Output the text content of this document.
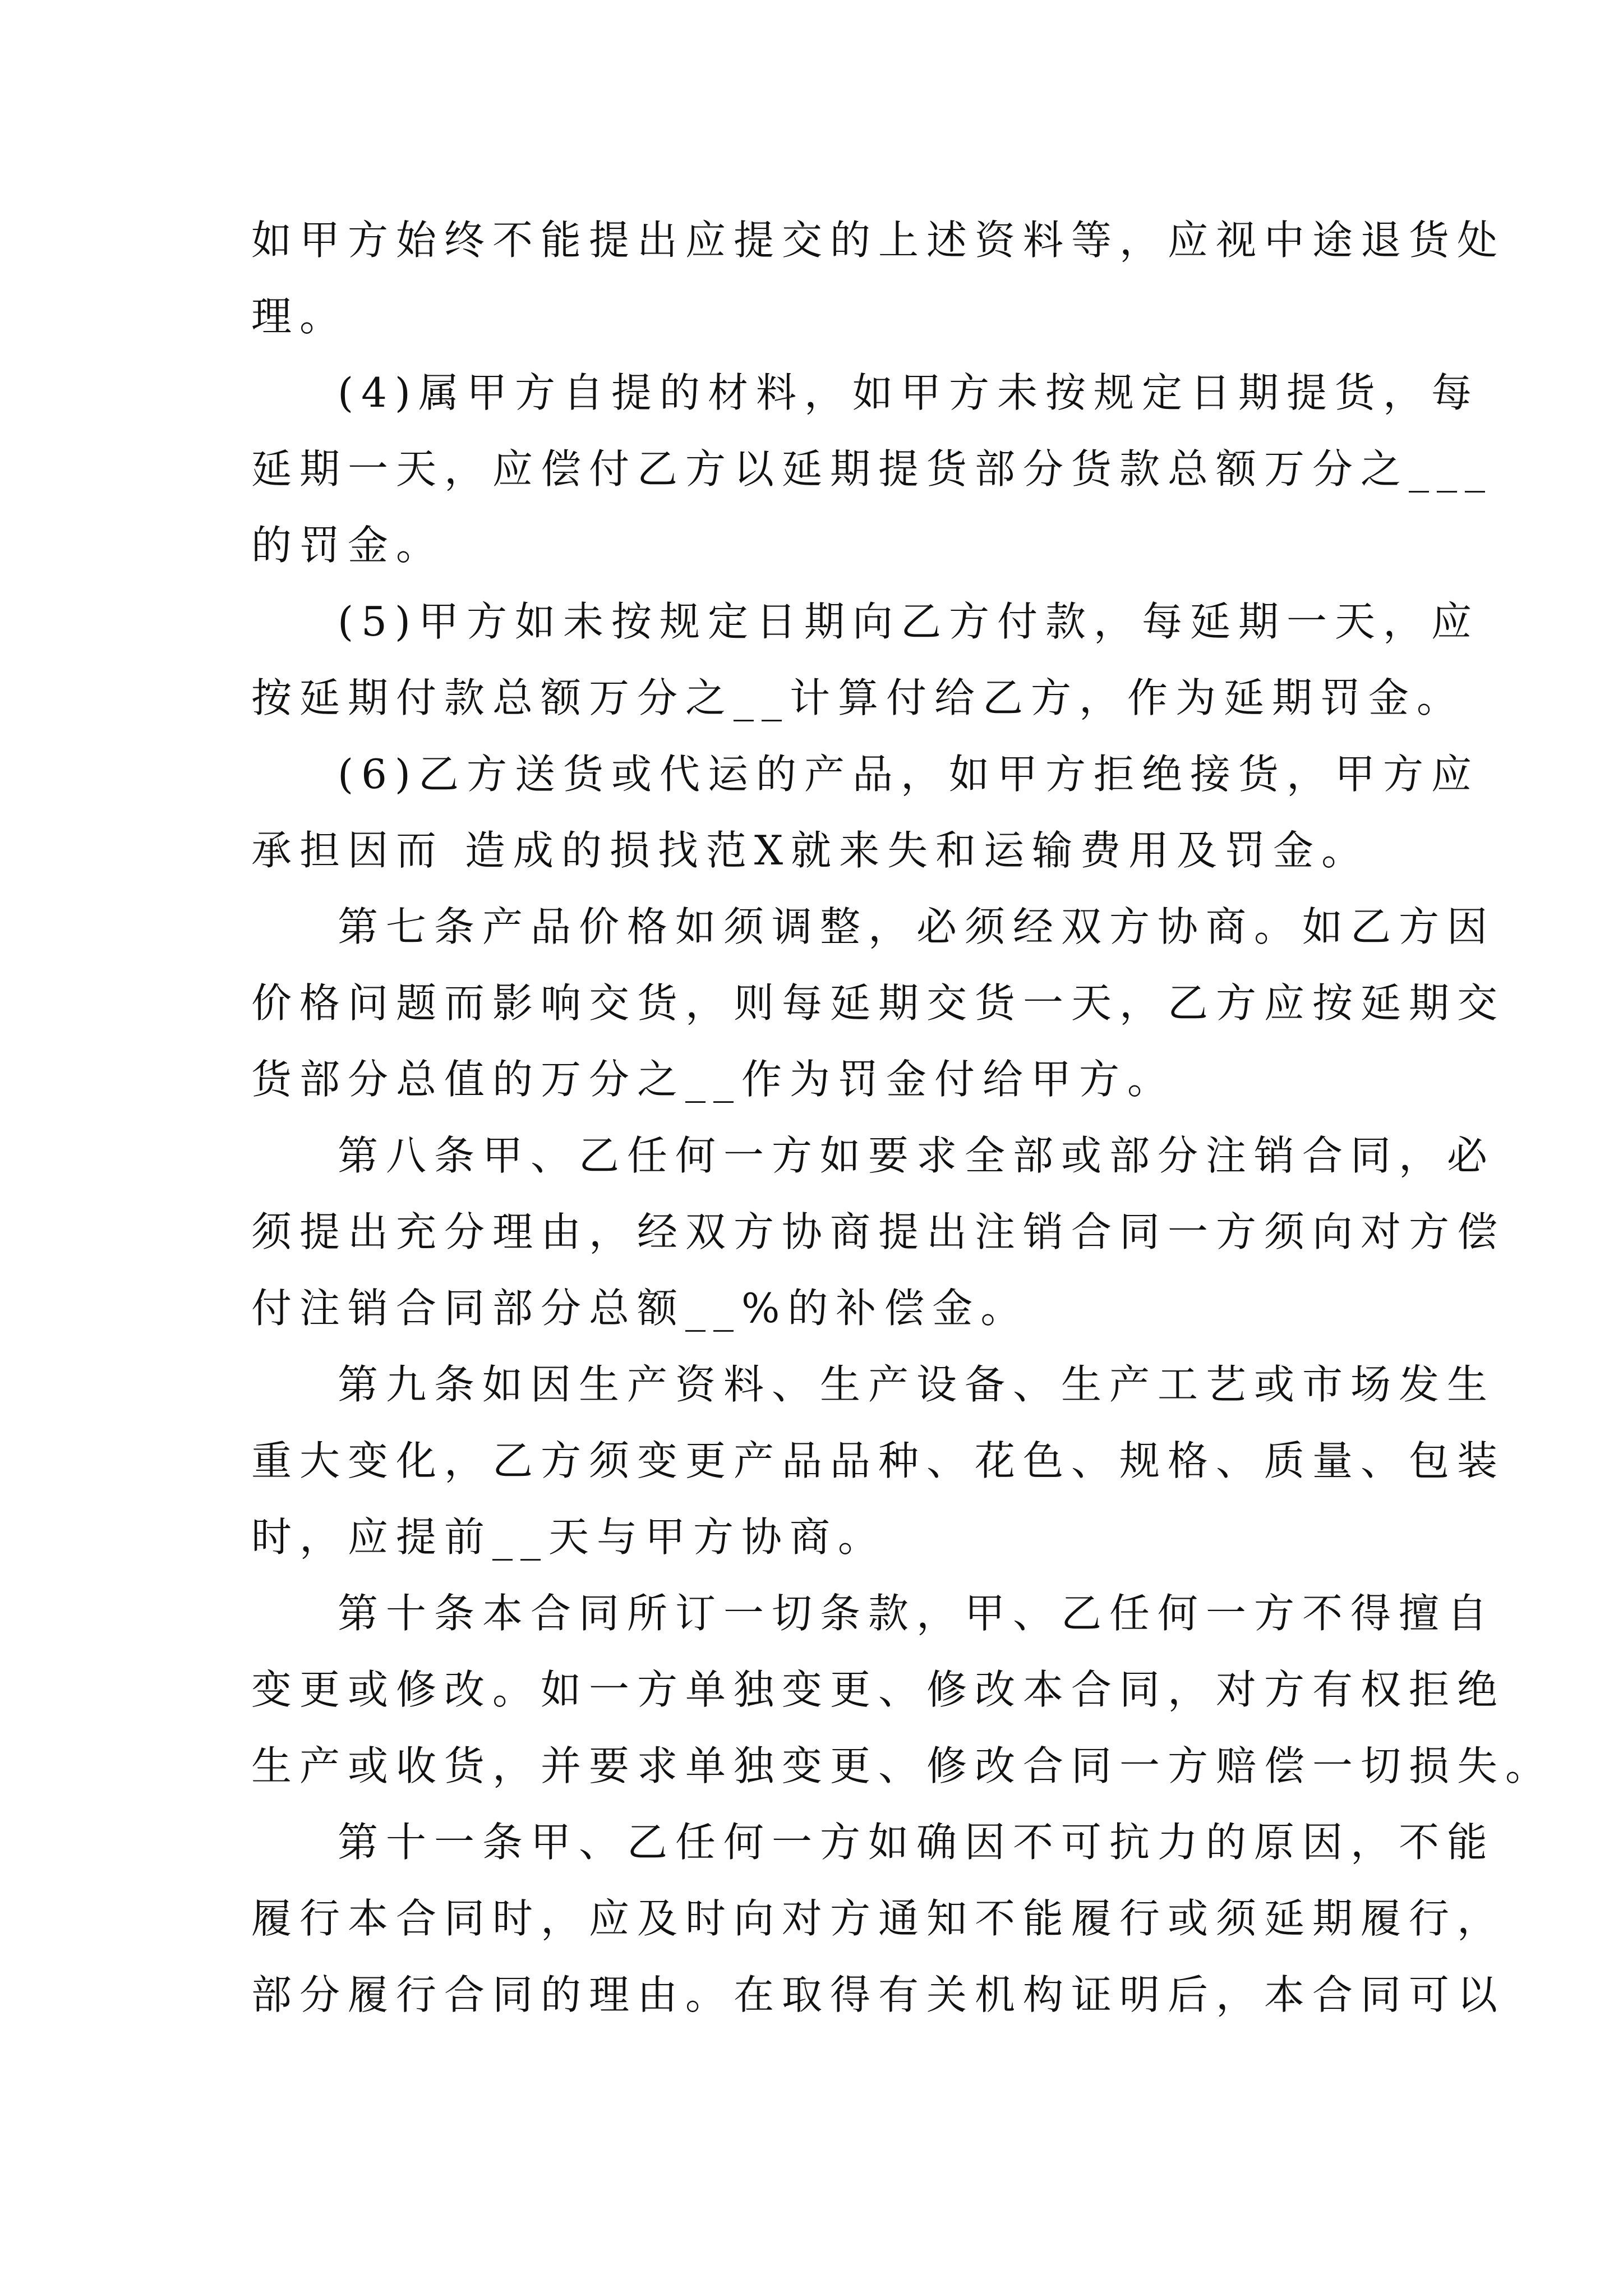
如甲方始终不能提出应提交的上述资料等，应视中途退货处
理。
(4)属甲方自提的材料，如甲方未按规定日期提货，每
延期一天，应偿付乙方以延期提货部分货款总额万分之___
的罚金。
(5)甲方如未按规定日期向乙方付款，每延期一天，应
按延期付款总额万分之__计算付给乙方，作为延期罚金。
(6)乙方送货或代运的产品，如甲方拒绝接货，甲方应
承担因而 造成的损找范X就来失和运输费用及罚金。
第七条产品价格如须调整，必须经双方协商。如乙方因
价格问题而影响交货，则每延期交货一天，乙方应按延期交
货部分总值的万分之__作为罚金付给甲方。
第八条甲、乙任何一方如要求全部或部分注销合同，必
须提出充分理由，经双方协商提出注销合同一方须向对方偿
付注销合同部分总额__%的补偿金。
第九条如因生产资料、生产设备、生产工艺或市场发生
重大变化，乙方须变更产品品种、花色、规格、质量、包装
时，应提前__天与甲方协商。
第十条本合同所订一切条款，甲、乙任何一方不得擅自
变更或修改。如一方单独变更、修改本合同，对方有权拒绝
生产或收货，并要求单独变更、修改合同一方赔偿一切损失。
第十一条甲、乙任何一方如确因不可抗力的原因，不能
履行本合同时，应及时向对方通知不能履行或须延期履行，
部分履行合同的理由。在取得有关机构证明后，本合同可以
